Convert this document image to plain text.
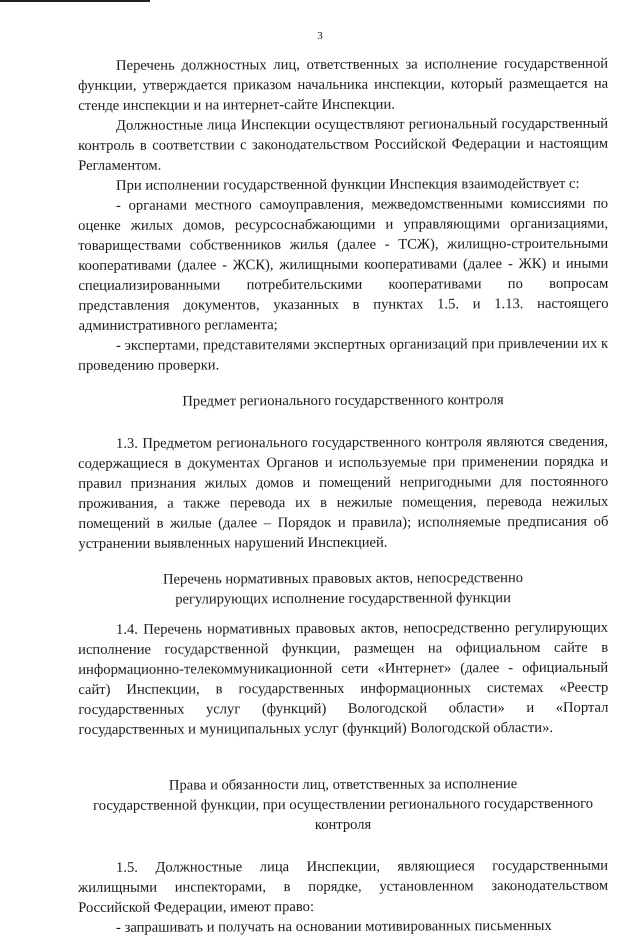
3

Перечень должностных лиц, ответственных за исполнение государственной функции, утверждается приказом начальника инспекции, который размещается на стенде инспекции и на интернет-сайте Инспекции.

Должностные лица Инспекции осуществляют региональный государственный контроль в соответствии с законодательством Российской Федерации и настоящим Регламентом.

При исполнении государственной функции Инспекция взаимодействует с:

- органами местного самоуправления, межведомственными комиссиями по оценке жилых домов, ресурсоснабжающими и управляющими организациями, товариществами собственников жилья (далее - ТСЖ), жилищно-строительными кооперативами (далее - ЖСК), жилищными кооперативами (далее - ЖК) и иными специализированными потребительскими кооперативами по вопросам представления документов, указанных в пунктах 1.5. и 1.13. настоящего административного регламента;

- экспертами, представителями экспертных организаций при привлечении их к проведению проверки.

Предмет регионального государственного контроля

1.3. Предметом регионального государственного контроля являются сведения, содержащиеся в документах Органов и используемые при применении порядка и правил признания жилых домов и помещений непригодными для постоянного проживания, а также перевода их в нежилые помещения, перевода нежилых помещений в жилые (далее – Порядок и правила); исполняемые предписания об устранении выявленных нарушений Инспекцией.

Перечень нормативных правовых актов, непосредственно

регулирующих исполнение государственной функции

1.4. Перечень нормативных правовых актов, непосредственно регулирующих исполнение государственной функции, размещен на официальном сайте в информационно-телекоммуникационной сети «Интернет» (далее - официальный сайт) Инспекции, в государственных информационных системах «Реестр государственных услуг (функций) Вологодской области» и «Портал государственных и муниципальных услуг (функций) Вологодской области».

Права и обязанности лиц, ответственных за исполнение

государственной функции, при осуществлении регионального государственного

контроля

1.5. Должностные лица Инспекции, являющиеся государственными жилищными инспекторами, в порядке, установленном законодательством Российской Федерации, имеют право:

- запрашивать и получать на основании мотивированных письменных
